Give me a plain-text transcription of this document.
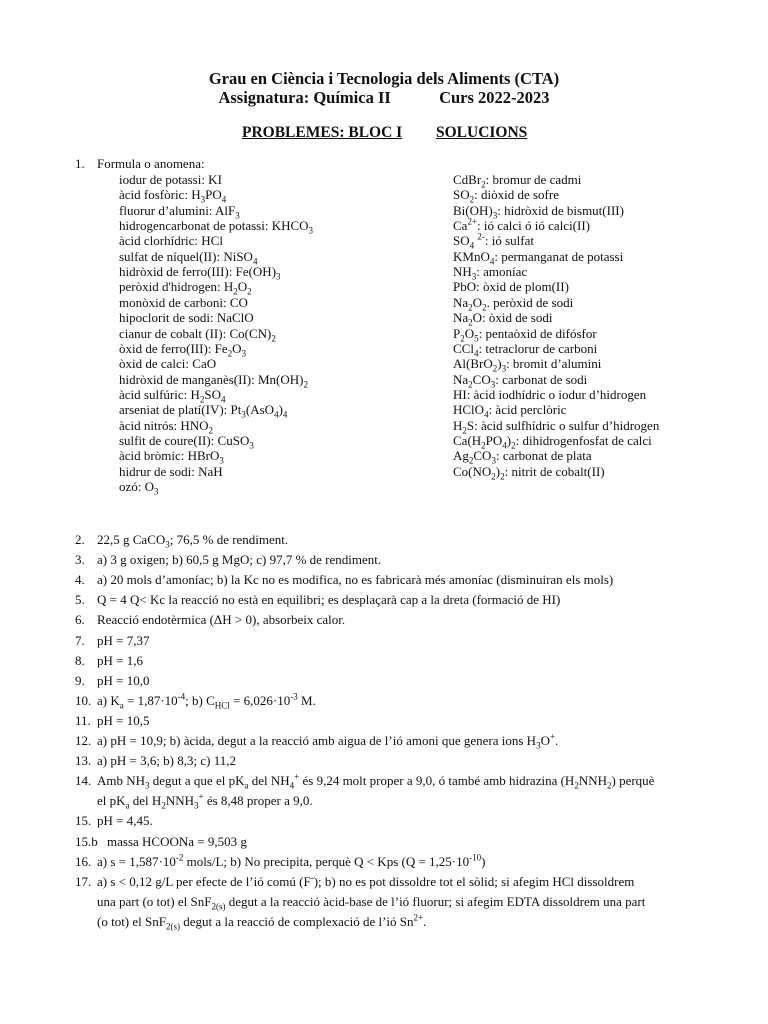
Grau en Ciència i Tecnologia dels Aliments (CTA)
Assignatura: Química II	Curs 2022-2023
PROBLEMES: BLOC I SOLUCIONS
1. Formula o anomena:
iodur de potassi: KI
àcid fosfòric: $H_3PO_4$
fluorur d’alumini: AlF$_3$
hidrogencarbonat de potassi: $KHCO_3$
àcid clorhídric: HCl
sulfat de níquel(II): NiSO$_4$
hidròxid de ferro(III): $Fe(OH)_3$
peròxid d'hidrogen: $H_2O_2$
monòxid de carboni: CO
hipoclorit de sodi: NaClO
cianur de cobalt (II): $Co(CN)_2$
òxid de ferro(III): $Fe_2O_3$
òxid de calci: CaO
hidròxid de manganès(II): $Mn(OH)_2$
àcid sulfúric: $H_2SO_4$
arseniat de platí(IV): $Pt_3(AsO_4)_4$
àcid nitrós: $HNO_2$
sulfit de coure(II): CuSO$_3$
àcid bròmic: HBrO$_3$
hidrur de sodi: NaH
ozó: $O_3$
CdBr$_2$: bromur de cadmi
$SO_2$: diòxid de sofre
$Bi(OH)_3$: hidròxid de bismut(III)
$Ca^{2+}$: ió calci ó ió calci(II)
$SO_4$ $^{2-}$: ió sulfat
KMnO$_4$: permanganat de potassi
$NH_3$: amoníac
PbO: òxid de plom(II)
$Na_2O_2$. peròxid de sodi
$Na_2O$: òxid de sodi
$P_2O_5$: pentaòxid de difósfor
CCl$_4$: tetraclorur de carboni
$Al(BrO_2)_3$: bromit d’alumini
$Na_2CO_3$: carbonat de sodi
HI: àcid iodhídric o iodur d’hidrogen
HClO$_4$: àcid perclòric
$H_2S$: àcid sulfhídric o sulfur d’hidrogen
$Ca(H_2PO_4)_2$: dihidrogenfosfat de calci
$Ag_2CO_3$: carbonat de plata
$Co(NO_2)_2$: nitrit de cobalt(II)
2. 22,5 g CaCO$_3$; 76,5 % de rendiment.
3. a) 3 g oxigen; b) 60,5 g MgO; c) 97,7 % de rendiment.
4. a) 20 mols d’amoníac; b) la Kc no es modifica, no es fabricarà més amoníac (disminuiran els mols)
5. Q = 4 Q< Kc la reacció no està en equilibri; es desplaçarà cap a la dreta (formació de HI)
6. Reacció endotèrmica (ΔH > 0), absorbeix calor.
7. pH = 7,37
8. pH = 1,6
9. pH = 10,0
10. a) $K_a = 1,87\cdot 10^{-4}$; b) $C_{HCl} = 6,026\cdot 10^{-3}$ M.
11. pH = 10,5
12. a) pH = 10,9; b) àcida, degut a la reacció amb aigua de l’ió amoni que genera ions $H_3O^+$.
13. a) pH = 3,6; b) 8,3; c) 11,2
14. Amb $NH_3$ degut a que el $pK_a$ del $NH_4^+$ és 9,24 molt proper a 9,0, ó també amb hidrazina $(H_2NNH_2)$ perquè
el $pK_a$ del $H_2NNH_3^+$ és 8,48 proper a 9,0.
15. pH = 4,45.
15.b massa HCOONa = 9,503 g
16. a) $s = 1,587\cdot 10^{-2}$ mols/L; b) No precipita, perquè Q < Kps $(Q = 1,25\cdot 10^{-10})$
17. a) s < 0,12 g/L per efecte de l’ió comú (F-); b) no es pot dissoldre tot el sòlid; si afegim HCl dissoldrem
una part (o tot) el SnF$_{2(s)}$ degut a la reacció àcid-base de l’ió fluorur; si afegim EDTA dissoldrem una part
(o tot) el SnF$_{2(s)}$ degut a la reacció de complexació de l’ió $Sn^{2+}$.
